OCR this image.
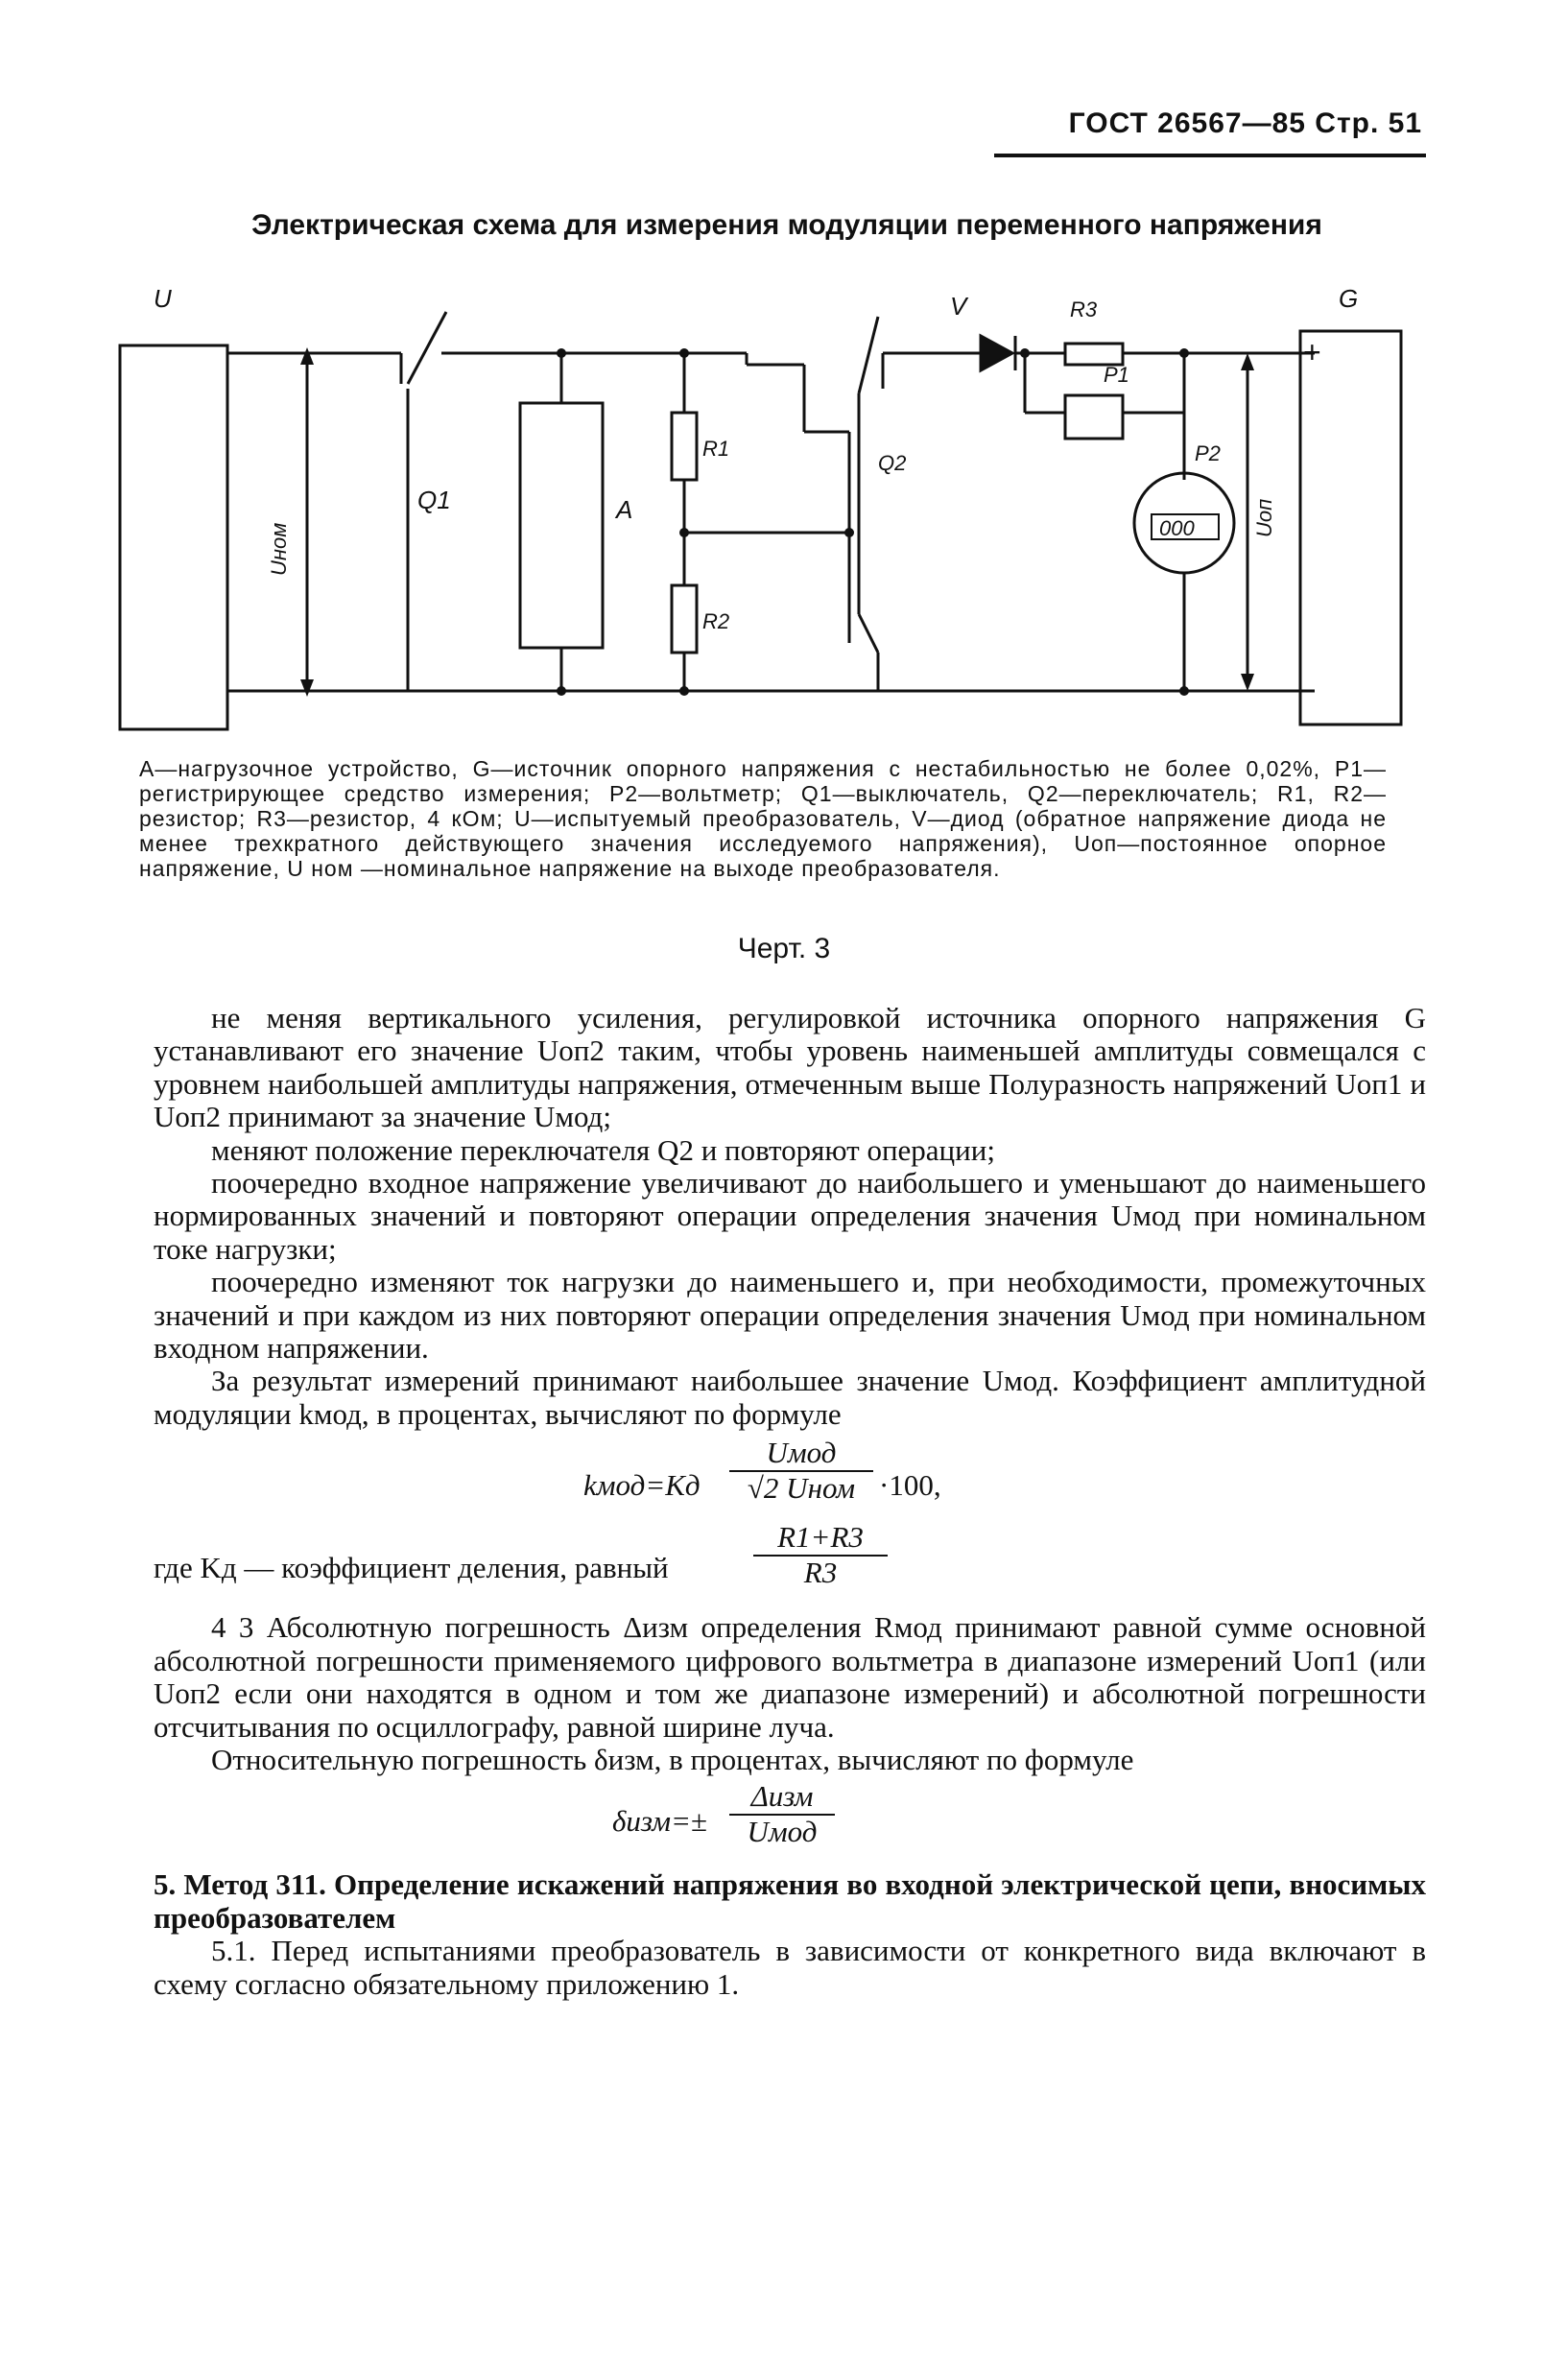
ГОСТ 26567—85 Стр. 51
Электрическая схема для измерения модуляции переменного напряжения
U
Uном
Q1	A
R1
R2
Q2
V	R3
P1
000
P2
Uоп
G
+
A—нагрузочное устройство, G—источник опорного напряжения с нестабильностью не более 0,02%, P1—регистрирующее средство измерения; P2—вольтметр; Q1—выключатель, Q2—переключатель; R1, R2—резистор; R3—резистор, 4 кОм; U—испытуемый преобразователь, V—диод (обратное напряжение диода не менее трехкратного действующего значения исследуемого напряжения), Uоп—постоянное опорное напряжение, U ном —номинальное напряжение на выходе преобразователя.
Черт. 3

не меняя вертикального усиления, регулировкой источника опорного напряжения G устанавливают его значение Uоп2 таким, чтобы уровень наименьшей амплитуды совмещался с уровнем наибольшей амплитуды напряжения, отмеченным выше Полуразность напряжений Uоп1 и Uоп2 принимают за значение Uмод;

меняют положение переключателя Q2 и повторяют операции;

поочередно входное напряжение увеличивают до наибольшего и уменьшают до наименьшего нормированных значений и повторяют операции определения значения Uмод при номинальном токе нагрузки;

поочередно изменяют ток нагрузки до наименьшего и, при необходимости, промежуточных значений и при каждом из них повторяют операции определения значения Uмод при номинальном входном напряжении.

За результат измерений принимают наибольшее значение Uмод. Коэффициент амплитудной модуляции kмод, в процентах, вычисляют по формуле

kмод=Kд
Uмод
√2 Uном ·100,
где Kд — коэффициент деления, равный	$\frac{R1+R3}{R3}$

4 3 Абсолютную погрешность Δизм определения Rмод принимают равной сумме основной абсолютной погрешности применяемого цифрового вольтметра в диапазоне измерений Uоп1 (или Uоп2 если они находятся в одном и том же диапазоне измерений) и абсолютной погрешности отсчитывания по осциллографу, равной ширине луча.

Относительную погрешность δизм, в процентах, вычисляют по формуле

δизм=±
Δизм
Uмод

5. Метод 311. Определение искажений напряжения во входной электрической цепи, вносимых преобразователем

5.1. Перед испытаниями преобразователь в зависимости от конкретного вида включают в схему согласно обязательному приложению 1.
